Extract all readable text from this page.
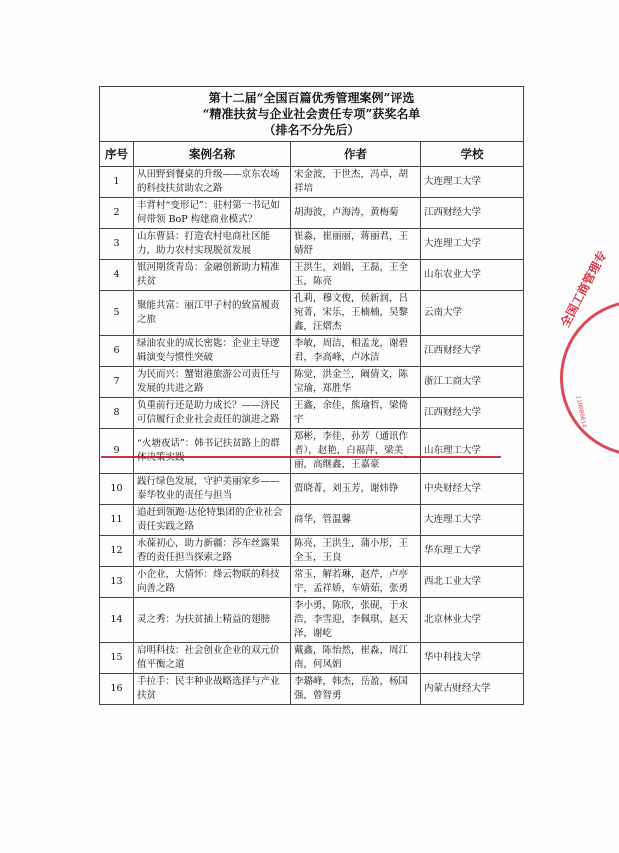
第十二届“全国百篇优秀管理案例”评选
“精准扶贫与企业社会责任专项”获奖名单
（排名不分先后）			

序号	案例名称	作者	学校
1	从田野到餐桌的升级——京东农场的科技扶贫助农之路	宋金波，于世杰，冯卓，胡祥培	大连理工大学
2	丰背村“变形记”：驻村第一书记如何带领 BoP 构建商业模式？	胡海波，卢海涛，黄梅菊	江西财经大学
3	山东曹县：打造农村电商社区能力，助力农村实现脱贫发展	崔淼，崔丽丽，蒋丽君，王婧舒	大连理工大学
4	银河期货青岛：金融创新助力精准扶贫	王洪生，刘娟，王磊，王全玉，陈亮	山东农业大学
5	聚能共富：丽江甲子村的致富履责之旅	孔莉，穆文俊，侯新润，吕宛菁，宋乐，王楠楠，吴黎鑫，汪熠杰	云南大学
6	绿油农业的成长密匙：企业主导逻辑演变与惯性突破	李敏，周洁，相孟龙，谢碧君，李高峰，卢冰洁	江西财经大学
7	为民而兴：蟹钳港旅游公司责任与发展的共进之路	陈觉，洪金兰，阚倩文，陈宝瑜，郑胜华	浙江工商大学
8	负重前行还是助力成长？——济民可信履行企业社会责任的演进之路	王鑫，余佳，熊瑜哲，梁倚宇	江西财经大学
9	“火塘夜话”：韩书记扶贫路上的群	郑彬，李佳，孙芳（通讯作者），赵艳，白福萍，梁美丽，高继鑫，王嘉豪	山东理工大学
10	践行绿色发展，守护美丽家乡——泰华牧业的责任与担当	贾晓菁，刘玉芳，谢炜铮	中央财经大学
11	追赶到领跑·达伦特集团的企业社会责任实践之路	商华，管温馨	大连理工大学
12	永葆初心，助力新疆：莎车丝露果香的责任担当探索之路	陈亮，王洪生，蒲小彤，王全玉，王良	华东理工大学
13	小企业，大情怀：烽云物联的科技向善之路	常玉，解若琳，赵芹，卢亭宇，孟祥娇，车婧茹，张勇	西北工业大学
14	灵之秀：为扶贫插上精益的翅膀	李小勇，陈欣，张砚，于永浩，李雪迎，李佩琪，赵天泽，谢屹	北京林业大学
15	启明科技：社会创业企业的双元价值平衡之道	戴鑫，陈怡然，崔淼，周江南，何凤娟	华中科技大学
16	手拉手：民丰种业战略选择与产业扶贫	李璐峰，韩杰，岳盈，杨国强，曾智勇	内蒙古财经大学
、
全国工商管理专
110000014
